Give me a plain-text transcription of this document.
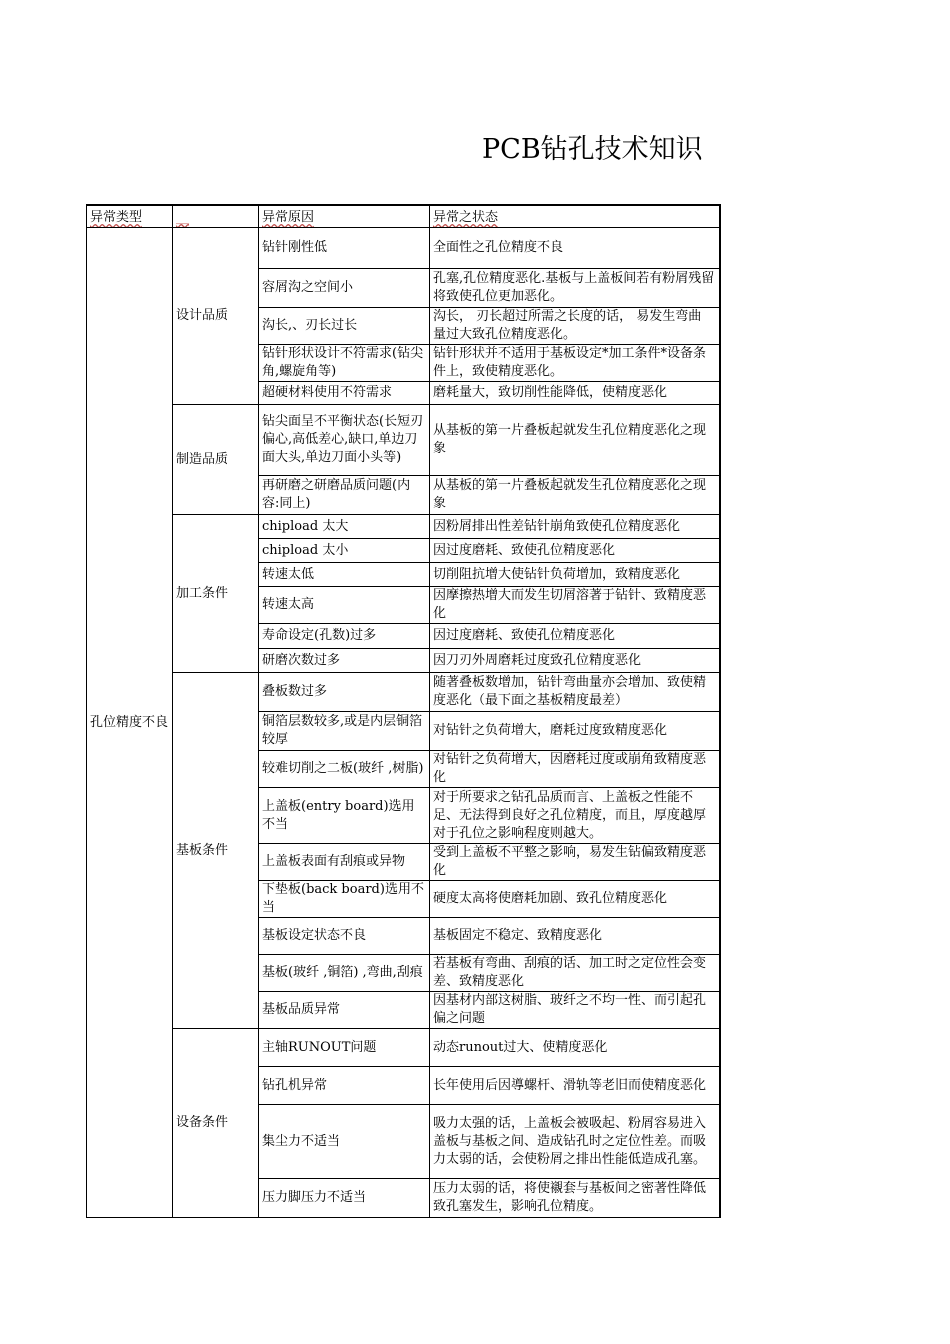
PCB钻孔技术知识
异常类型	__	异常原因	异常之状态
孔位精度不良	设计品质	钻针刚性低	全面性之孔位精度不良
		容屑沟之空间小	孔塞,孔位精度恶化.基板与上盖板间若有粉屑残留将致使孔位更加恶化。
		沟长,、刃长过长	沟长， 刃长超过所需之长度的话， 易发生弯曲 量过大致孔位精度恶化。
		钻针形状设计不符需求(钻尖角,螺旋角等)	钻针形状并不适用于基板设定*加工条件*设备条件上，致使精度恶化。
		超硬材料使用不符需求	磨耗量大，致切削性能降低，使精度恶化
	制造品质	钻尖面呈不平衡状态(长短刃偏心,高低差心,缺口,单边刀面大头,单边刀面小头等)	从基板的第一片叠板起就发生孔位精度恶化之现象
		再研磨之研磨品质问题(内容:同上)	从基板的第一片叠板起就发生孔位精度恶化之现象
	加工条件	chipload 太大	因粉屑排出性差钻针崩角致使孔位精度恶化
		chipload 太小	因过度磨耗、致使孔位精度恶化
		转速太低	切削阻抗增大使钻针负荷增加，致精度恶化
		转速太高	因摩擦热增大而发生切屑溶著于钻针、致精度恶化
		寿命设定(孔数)过多	因过度磨耗、致使孔位精度恶化
		研磨次数过多	因刀刃外周磨耗过度致孔位精度恶化
	基板条件	叠板数过多	随著叠板数增加，钻针弯曲量亦会增加、致使精度恶化（最下面之基板精度最差）
		铜箔层数较多,或是内层铜箔较厚	对钻针之负荷增大，磨耗过度致精度恶化
		较难切削之二板(玻纤 ,树脂)	对钻针之负荷增大，因磨耗过度或崩角致精度恶化
		上盖板(entry board)选用不当	对于所要求之钻孔品质而言、上盖板之性能不足、无法得到良好之孔位精度，而且，厚度越厚对于孔位之影响程度则越大。
		上盖板表面有刮痕或异物	受到上盖板不平整之影响，易发生钻偏致精度恶化
		下垫板(back board)选用不当	硬度太高将使磨耗加剧、致孔位精度恶化
		基板设定状态不良	基板固定不稳定、致精度恶化
		基板(玻纤 ,铜箔) ,弯曲,刮痕	若基板有弯曲、刮痕的话、加工时之定位性会变差、致精度恶化
		基板品质异常	因基材内部这树脂、玻纤之不均一性、而引起孔偏之问题
	设备条件	主轴RUNOUT问题	动态runout过大、使精度恶化
		钻孔机异常	长年使用后因導螺杆、滑轨等老旧而使精度恶化
		集尘力不适当	吸力太强的话，上盖板会被吸起、粉屑容易进入盖板与基板之间、造成钻孔时之定位性差。而吸力太弱的话，会使粉屑之排出性能低造成孔塞。
		压力脚压力不适当	压力太弱的话，将使襯套与基板间之密著性降低致孔塞发生，影响孔位精度。
